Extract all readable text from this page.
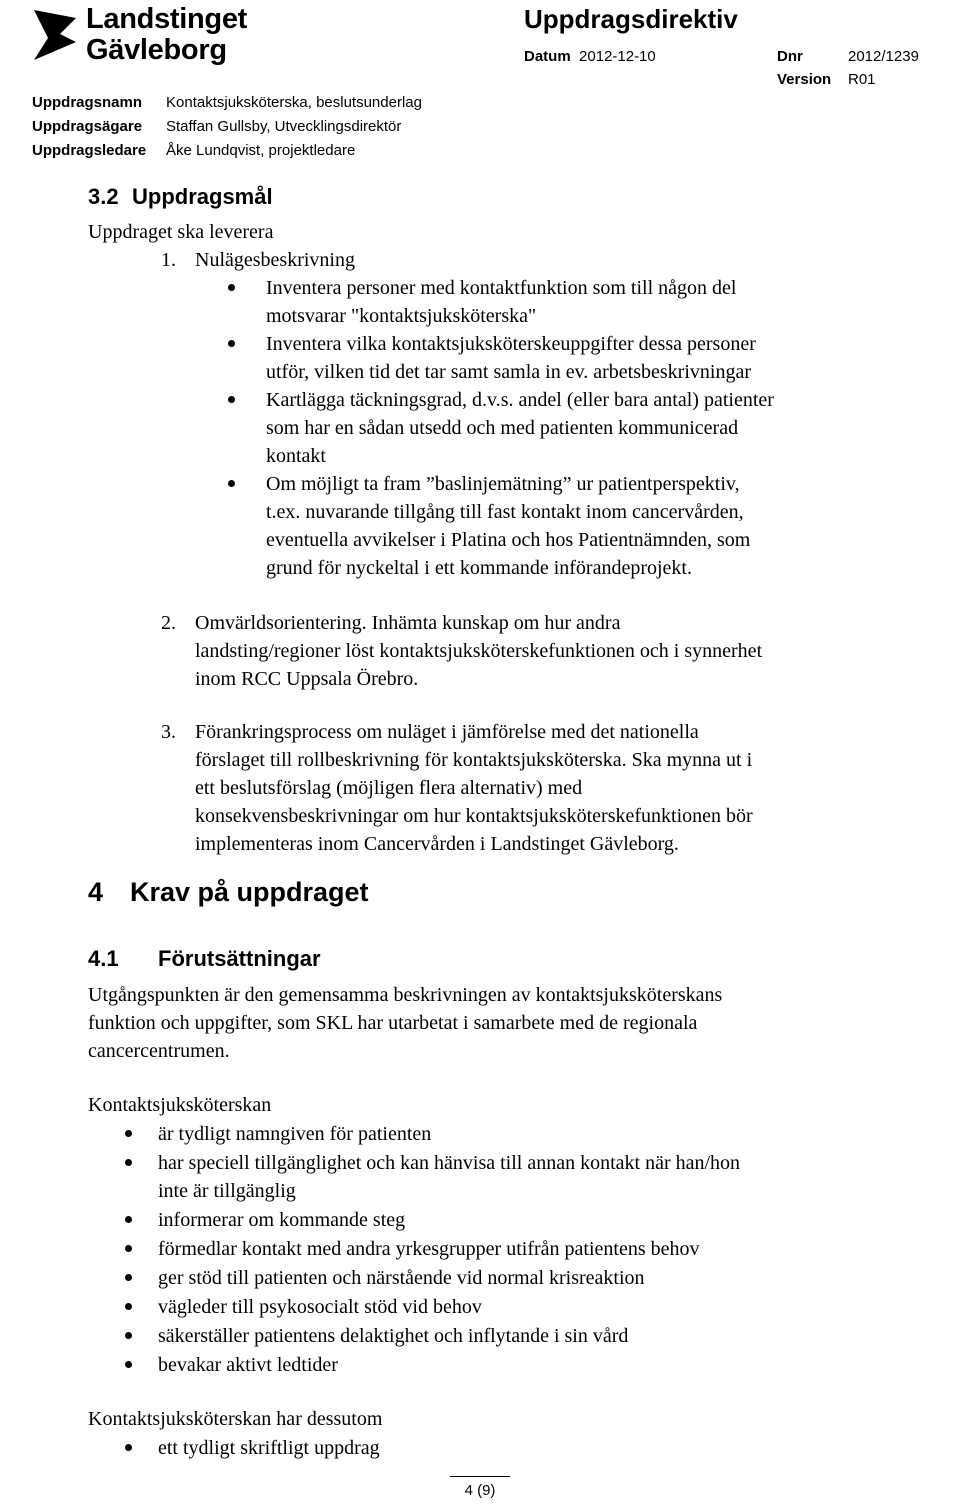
Landstinget
Gävleborg
Uppdragsdirektiv
Datum 2012-12-10	Dnr	2012/1239
Version R01
Uppdragsnamn Kontaktsjuksköterska, beslutsunderlag
Uppdragsägare Staffan Gullsby, Utvecklingsdirektör
Uppdragsledare Åke Lundqvist, projektledare
3.2 Uppdragsmål
Uppdraget ska leverera
1. Nulägesbeskrivning
Inventera personer med kontaktfunktion som till någon del
motsvarar "kontaktsjuksköterska"
Inventera vilka kontaktsjuksköterskeuppgifter dessa personer
utför, vilken tid det tar samt samla in ev. arbetsbeskrivningar
Kartlägga täckningsgrad, d.v.s. andel (eller bara antal) patienter
som har en sådan utsedd och med patienten kommunicerad
kontakt
Om möjligt ta fram ”baslinjemätning” ur patientperspektiv,
t.ex. nuvarande tillgång till fast kontakt inom cancervården,
eventuella avvikelser i Platina och hos Patientnämnden, som
grund för nyckeltal i ett kommande införandeprojekt.
2. Omvärldsorientering. Inhämta kunskap om hur andra
landsting/regioner löst kontaktsjuksköterskefunktionen och i synnerhet
inom RCC Uppsala Örebro.
3. Förankringsprocess om nuläget i jämförelse med det nationella
förslaget till rollbeskrivning för kontaktsjuksköterska. Ska mynna ut i
ett beslutsförslag (möjligen flera alternativ) med
konsekvensbeskrivningar om hur kontaktsjuksköterskefunktionen bör
implementeras inom Cancervården i Landstinget Gävleborg.
4 Krav på uppdraget
4.1 Förutsättningar
Utgångspunkten är den gemensamma beskrivningen av kontaktsjuksköterskans
funktion och uppgifter, som SKL har utarbetat i samarbete med de regionala
cancercentrumen.
Kontaktsjuksköterskan
är tydligt namngiven för patienten
har speciell tillgänglighet och kan hänvisa till annan kontakt när han/hon
inte är tillgänglig
informerar om kommande steg
förmedlar kontakt med andra yrkesgrupper utifrån patientens behov
ger stöd till patienten och närstående vid normal krisreaktion
vägleder till psykosocialt stöd vid behov
säkerställer patientens delaktighet och inflytande i sin vård
bevakar aktivt ledtider
Kontaktsjuksköterskan har dessutom
ett tydligt skriftligt uppdrag
4 (9)
